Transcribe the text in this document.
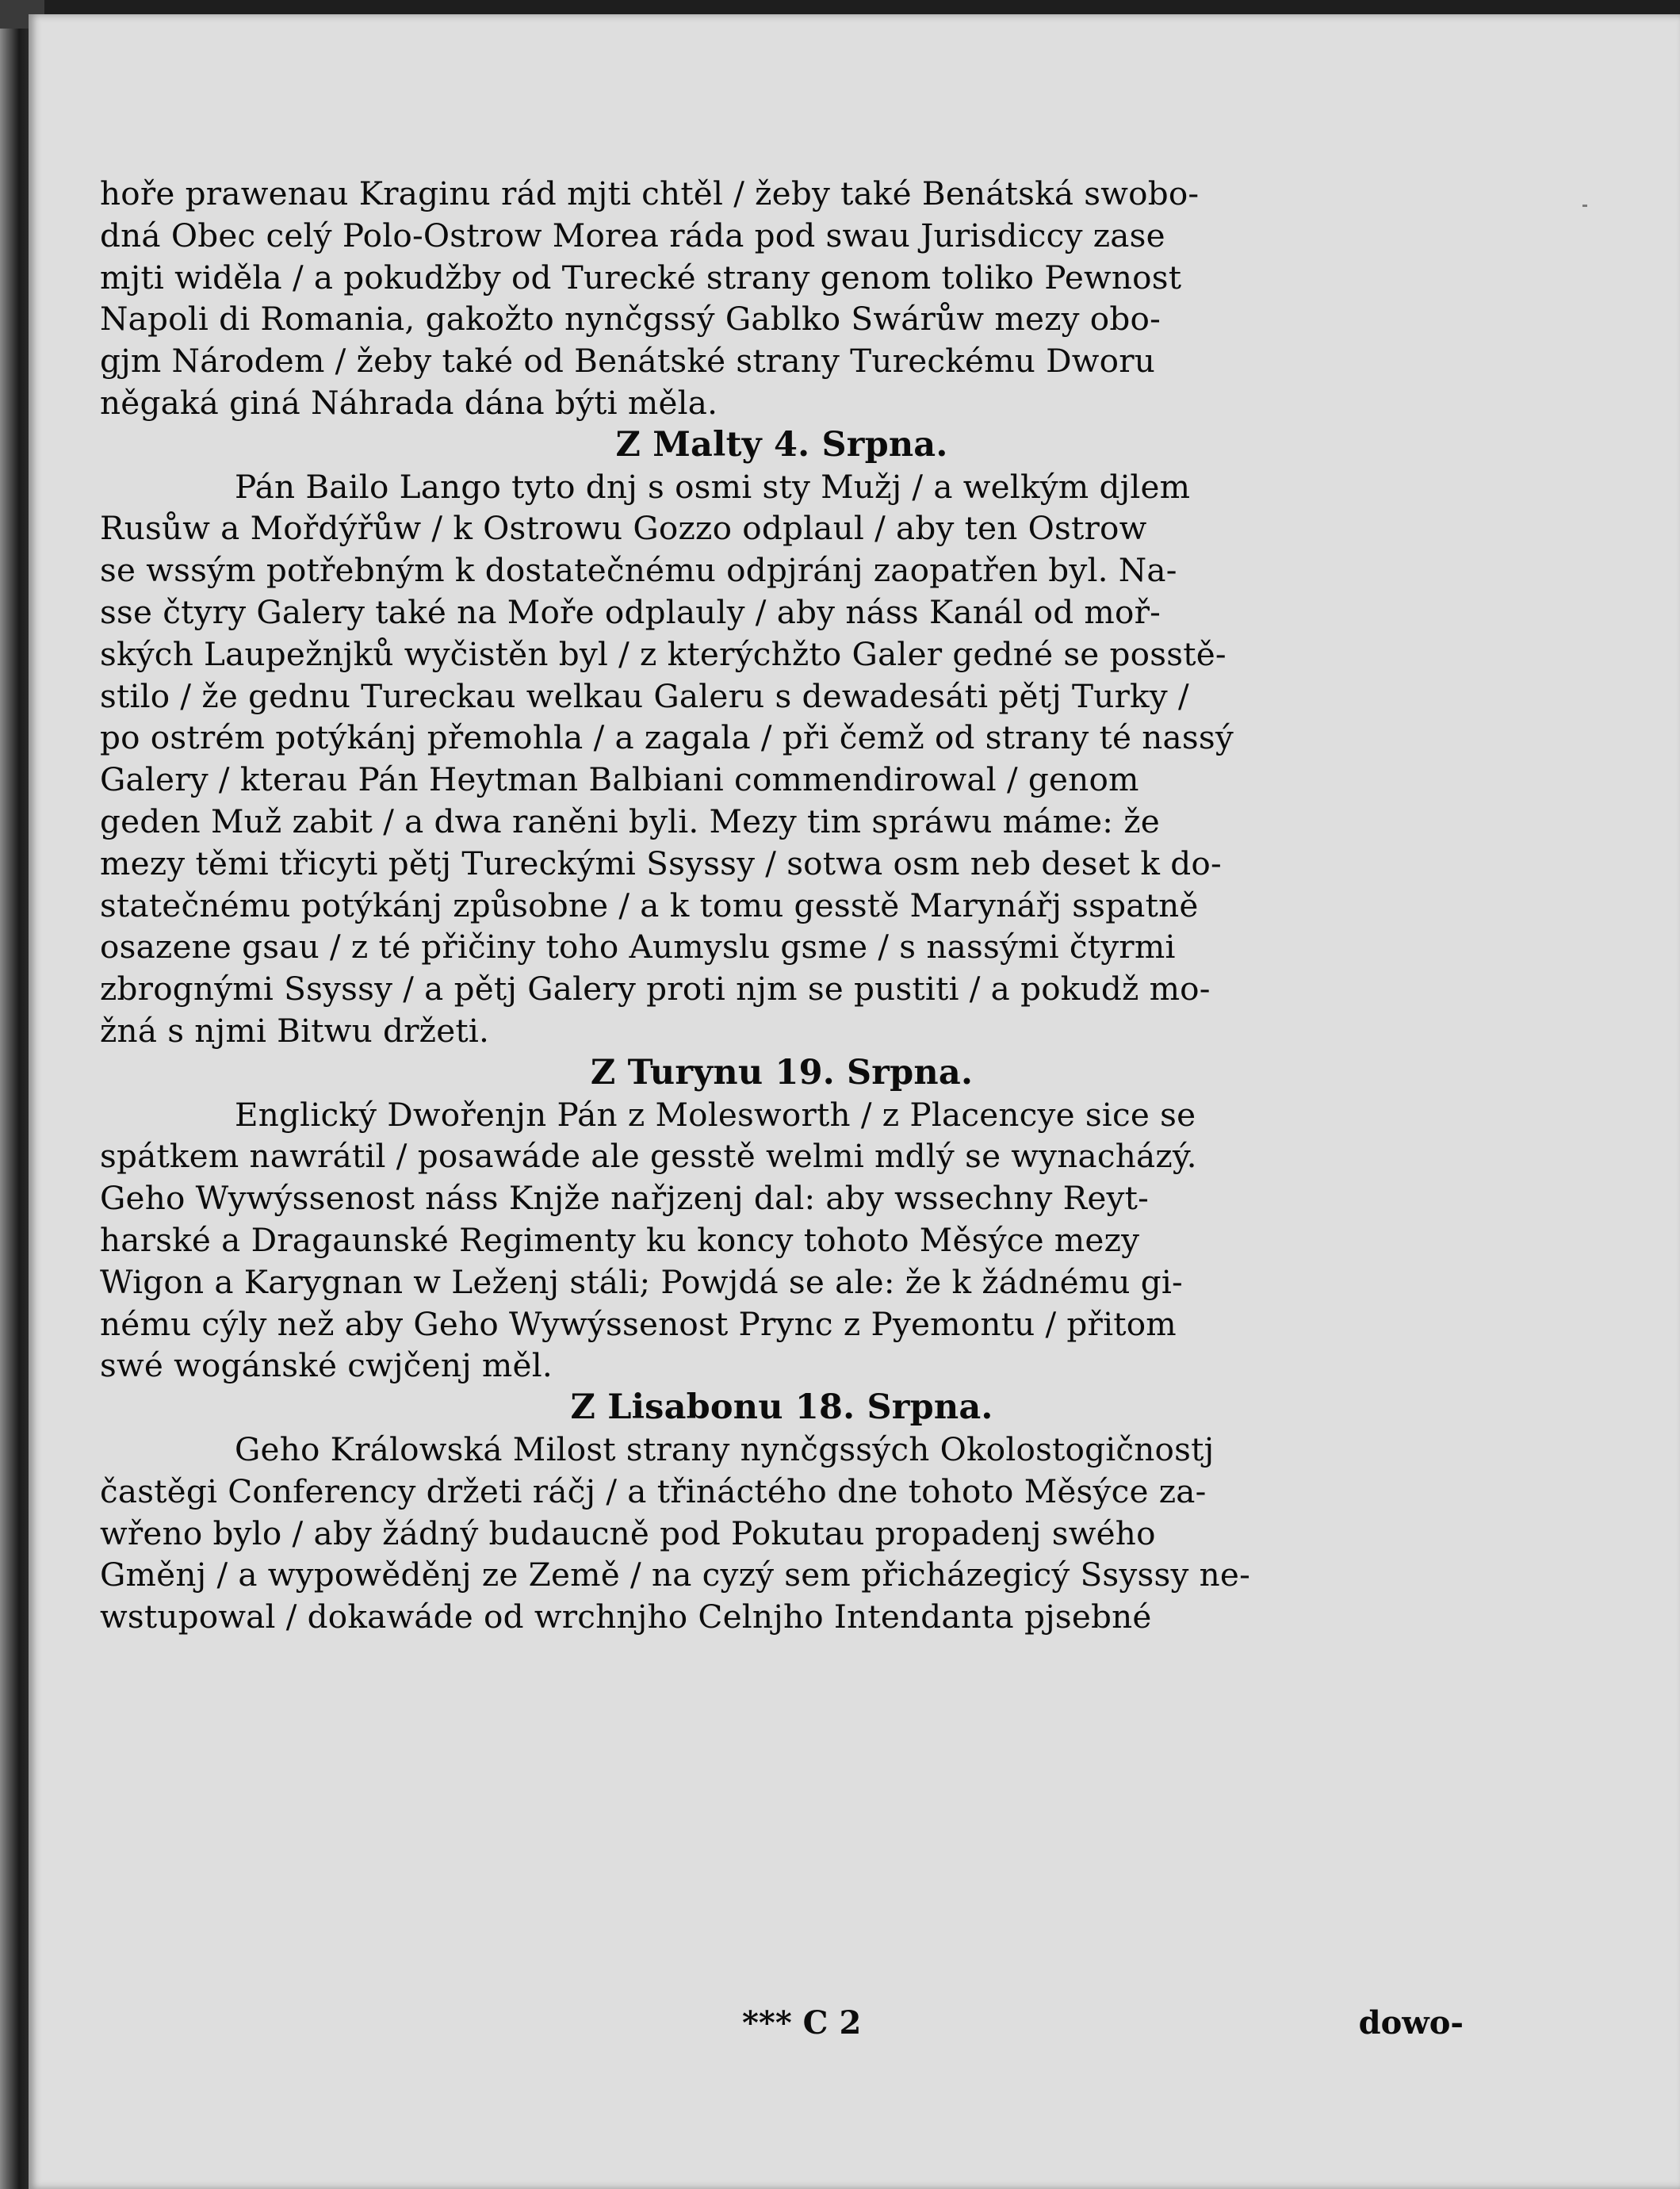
hoře prawenau Kraginu rád mjti chtěl / žeby také Benátská swobo-
dná Obec celý Polo-Ostrow Morea ráda pod swau Jurisdiccy zase
mjti widěla / a pokudžby od Turecké strany genom toliko Pewnost
Napoli di Romania, gakožto nynčgssý Gablko Swárůw mezy obo-
gjm Národem / žeby také od Benátské strany Tureckému Dworu
něgaká giná Náhrada dána býti měla.
Z Malty 4. Srpna.
Pán Bailo Lango tyto dnj s osmi sty Mužj / a welkým djlem
Rusůw a Mořdýřůw / k Ostrowu Gozzo odplaul / aby ten Ostrow
se wssým potřebným k dostatečnému odpjránj zaopatřen byl. Na-
sse čtyry Galery také na Moře odplauly / aby náss Kanál od moř-
ských Laupežnjků wyčistěn byl / z kterýchžto Galer gedné se posstě-
stilo / že gednu Tureckau welkau Galeru s dewadesáti pětj Turky /
po ostrém potýkánj přemohla / a zagala / při čemž od strany té nassý
Galery / kterau Pán Heytman Balbiani commendirowal / genom
geden Muž zabit / a dwa raněni byli. Mezy tim spráwu máme: že
mezy těmi třicyti pětj Tureckými Ssyssy / sotwa osm neb deset k do-
statečnému potýkánj způsobne / a k tomu gesstě Marynářj sspatně
osazene gsau / z té přičiny toho Aumyslu gsme / s nassými čtyrmi
zbrognými Ssyssy / a pětj Galery proti njm se pustiti / a pokudž mo-
žná s njmi Bitwu držeti.
Z Turynu 19. Srpna.
Englický Dwořenjn Pán z Molesworth / z Placencye sice se
spátkem nawrátil / posawáde ale gesstě welmi mdlý se wynacházý.
Geho Wywýssenost náss Knjže nařjzenj dal: aby wssechny Reyt-
harské a Dragaunské Regimenty ku koncy tohoto Měsýce mezy
Wigon a Karygnan w Leženj stáli; Powjdá se ale: že k žádnému gi-
nému cýly než aby Geho Wywýssenost Prync z Pyemontu / přitom
swé wogánské cwjčenj měl.
Z Lisabonu 18. Srpna.
Geho Králowská Milost strany nynčgssých Okolostogičnostj
častěgi Conferency držeti ráčj / a třináctého dne tohoto Měsýce za-
wřeno bylo / aby žádný budaucně pod Pokutau propadenj swého
Gměnj / a wypowěděnj ze Země / na cyzý sem přicházegicý Ssyssy ne-
wstupowal / dokawáde od wrchnjho Celnjho Intendanta pjsebné
*** C 2	dowo-
